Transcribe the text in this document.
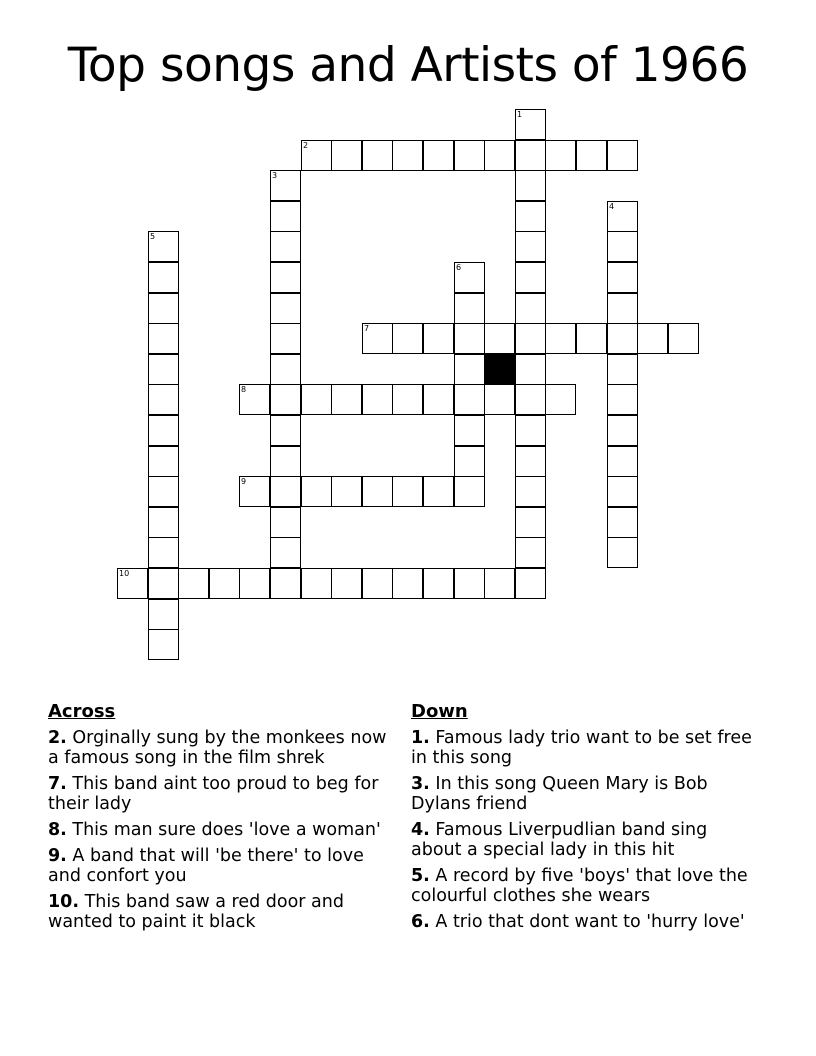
Top songs and Artists of 1966
1
2
3
4
5
6
7
8
9
10
Across
2. Orginally sung by the monkees now a famous song in the film shrek
7. This band aint too proud to beg for their lady
8. This man sure does 'love a woman'
9. A band that will 'be there' to love and confort you
10. This band saw a red door and wanted to paint it black
Down
1. Famous lady trio want to be set free in this song
3. In this song Queen Mary is Bob Dylans friend
4. Famous Liverpudlian band sing about a special lady in this hit
5. A record by five 'boys' that love the colourful clothes she wears
6. A trio that dont want to 'hurry love'
